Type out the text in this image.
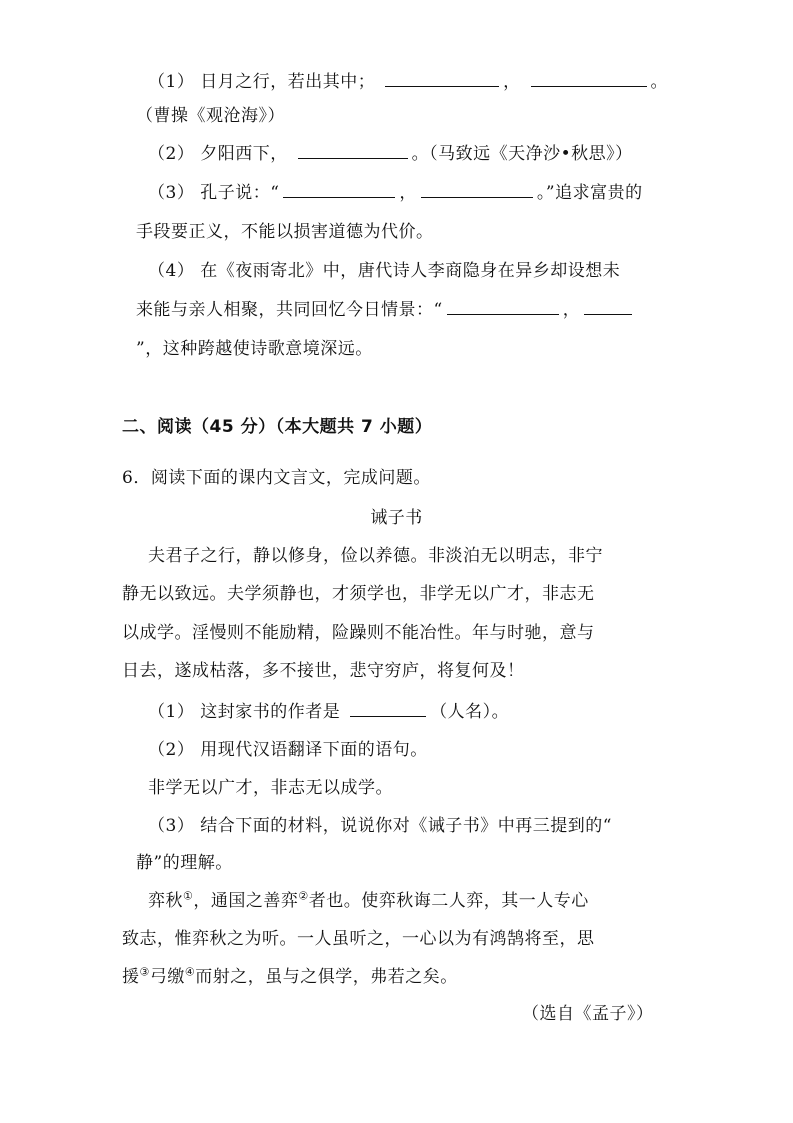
（1） 日月之行，若出其中；	，	。
（曹操《观沧海》）
（2） 夕阳西下，	。（马致远《天净沙•秋思》）
（3） 孔子说：“	，	。”追求富贵的
手段要正义，不能以损害道德为代价。
（4） 在《夜雨寄北》中，唐代诗人李商隐身在异乡却设想未
来能与亲人相聚，共同回忆今日情景：“	，
”，这种跨越使诗歌意境深远。
二、阅读（45 分）（本大题共 7 小题）
6．阅读下面的课内文言文，完成问题。
诫子书
夫君子之行，静以修身，俭以养德。非淡泊无以明志，非宁
静无以致远。夫学须静也，才须学也，非学无以广才，非志无
以成学。淫慢则不能励精，险躁则不能冶性。年与时驰，意与
日去，遂成枯落，多不接世，悲守穷庐，将复何及！
（1） 这封家书的作者是	（人名）。
（2） 用现代汉语翻译下面的语句。
非学无以广才，非志无以成学。
（3） 结合下面的材料，说说你对《诫子书》中再三提到的“
静”的理解。
弈秋①，通国之善弈②者也。使弈秋诲二人弈，其一人专心
致志，惟弈秋之为听。一人虽听之，一心以为有鸿鹄将至，思
援③弓缴④而射之，虽与之俱学，弗若之矣。
（选自《孟子》）
